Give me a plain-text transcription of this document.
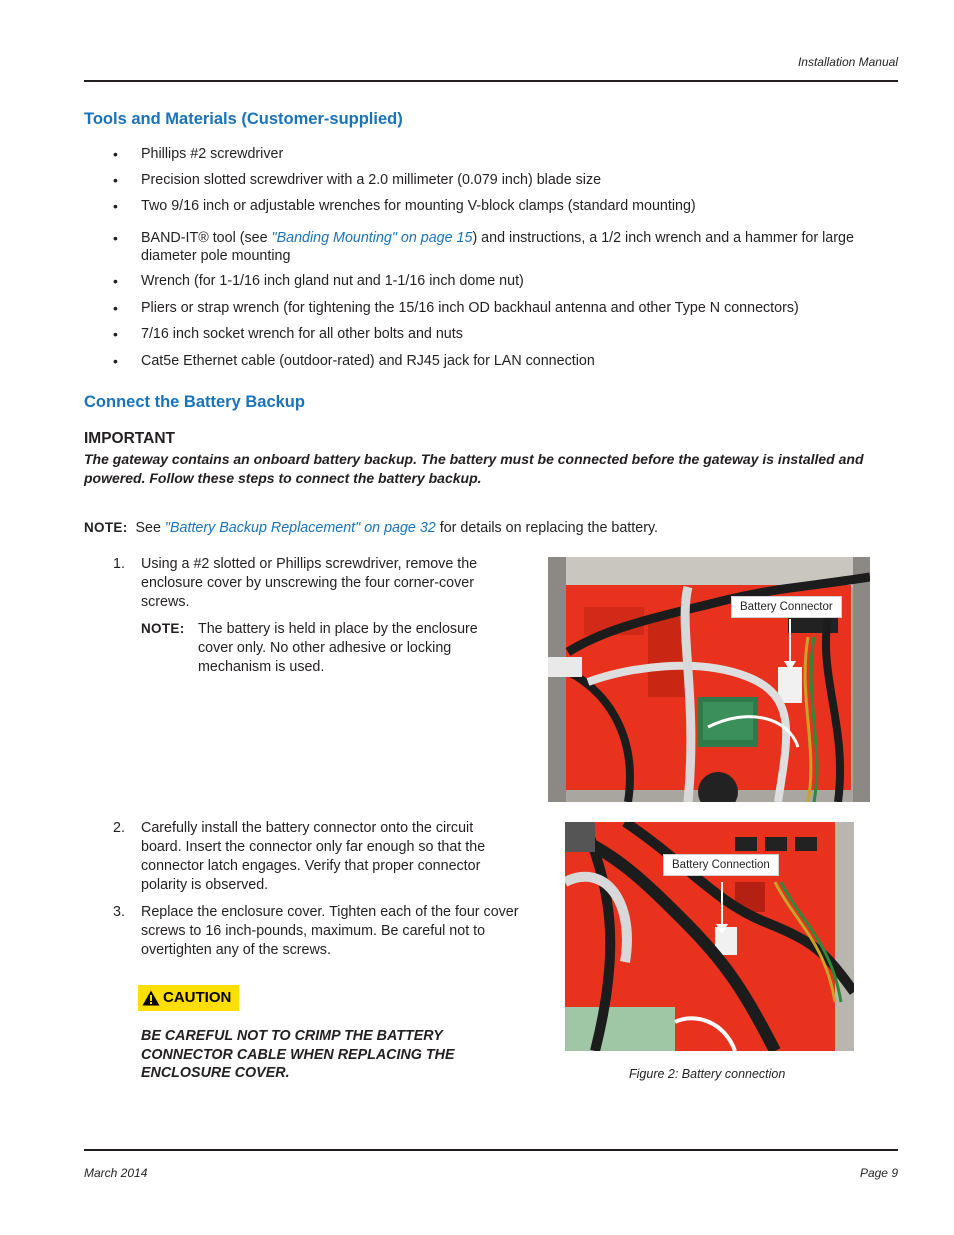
Installation Manual
Tools and Materials (Customer-supplied)
• Phillips #2 screwdriver
• Precision slotted screwdriver with a 2.0 millimeter (0.079 inch) blade size
• Two 9/16 inch or adjustable wrenches for mounting V-block clamps (standard mounting)
• BAND-IT® tool (see "Banding Mounting" on page 15) and instructions, a 1/2 inch wrench and a hammer for large diameter pole mounting
• Wrench (for 1-1/16 inch gland nut and 1-1/16 inch dome nut)
• Pliers or strap wrench (for tightening the 15/16 inch OD backhaul antenna and other Type N connectors)
• 7/16 inch socket wrench for all other bolts and nuts
• Cat5e Ethernet cable (outdoor-rated) and RJ45 jack for LAN connection
Connect the Battery Backup
IMPORTANT
The gateway contains an onboard battery backup. The battery must be connected before the gateway is installed and powered. Follow these steps to connect the battery backup.
NOTE: See "Battery Backup Replacement" on page 32 for details on replacing the battery.
1. Using a #2 slotted or Phillips screwdriver, remove the enclosure cover by unscrewing the four corner-cover screws.
NOTE: The battery is held in place by the enclosure cover only. No other adhesive or locking mechanism is used.
Battery Connector
2. Carefully install the battery connector onto the circuit board. Insert the connector only far enough so that the connector latch engages. Verify that proper connector polarity is observed.
3. Replace the enclosure cover. Tighten each of the four cover screws to 16 inch-pounds, maximum. Be careful not to overtighten any of the screws.
CAUTION
BE CAREFUL NOT TO CRIMP THE BATTERY CONNECTOR CABLE WHEN REPLACING THE ENCLOSURE COVER.
Battery Connection
Figure 2: Battery connection
March 2014	Page 9
